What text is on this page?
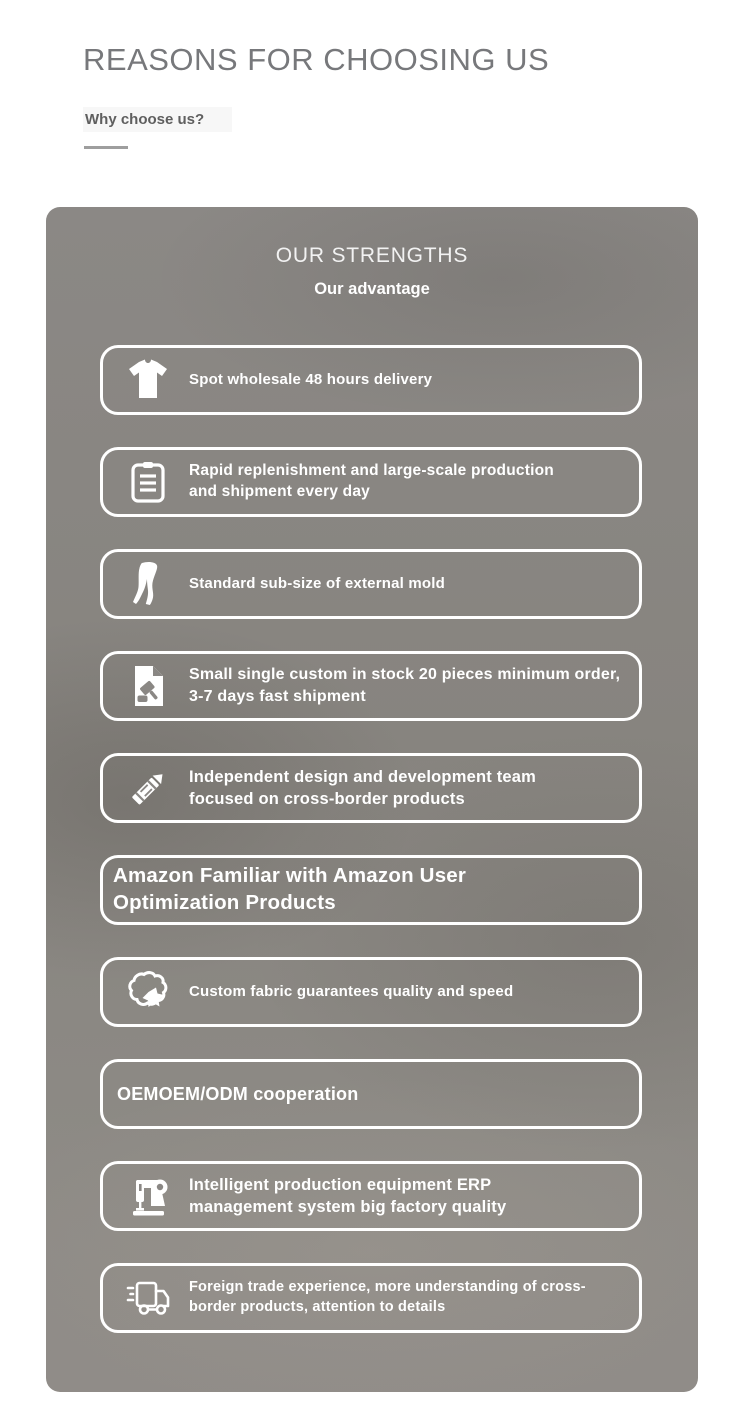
REASONS FOR CHOOSING US
Why choose us?
OUR STRENGTHS
Our advantage
Spot wholesale 48 hours delivery
Rapid replenishment and large-scale production and shipment every day
Standard sub-size of external mold
Small single custom in stock 20 pieces minimum order, 3-7 days fast shipment
Independent design and development team focused on cross-border products
Amazon Familiar with Amazon User Optimization Products
Custom fabric guarantees quality and speed
OEMOEM/ODM cooperation
Intelligent production equipment ERP management system big factory quality
Foreign trade experience, more understanding of cross-border products, attention to details
